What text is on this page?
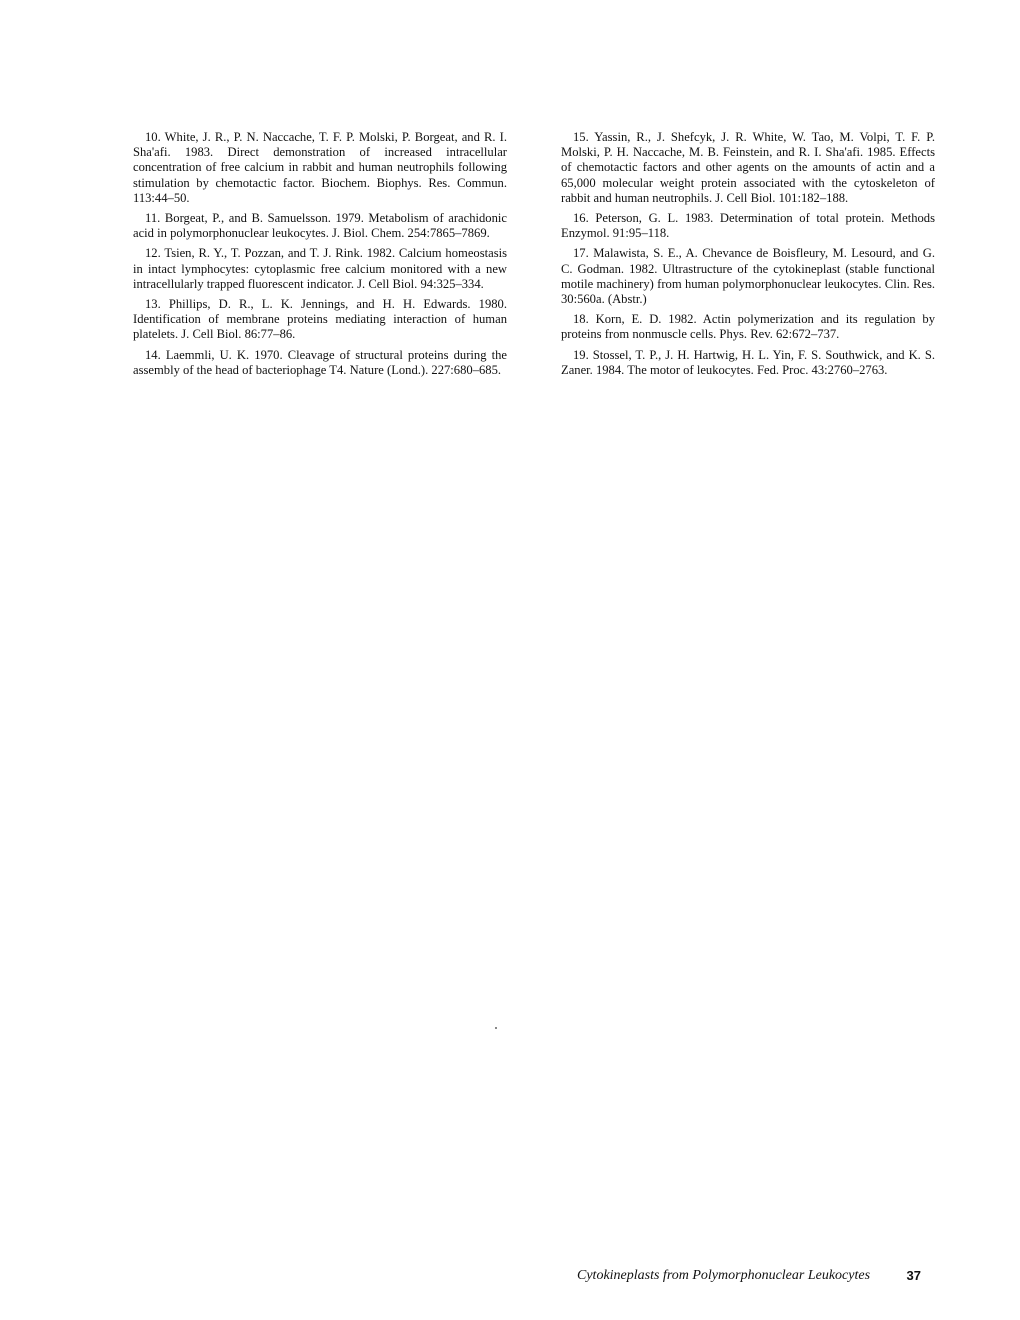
10. White, J. R., P. N. Naccache, T. F. P. Molski, P. Borgeat, and R. I. Sha'afi. 1983. Direct demonstration of increased intracellular concentration of free calcium in rabbit and human neutrophils following stimulation by chemotactic factor. Biochem. Biophys. Res. Commun. 113:44–50.

11. Borgeat, P., and B. Samuelsson. 1979. Metabolism of arachidonic acid in polymorphonuclear leukocytes. J. Biol. Chem. 254:7865–7869.

12. Tsien, R. Y., T. Pozzan, and T. J. Rink. 1982. Calcium homeostasis in intact lymphocytes: cytoplasmic free calcium monitored with a new intracellularly trapped fluorescent indicator. J. Cell Biol. 94:325–334.

13. Phillips, D. R., L. K. Jennings, and H. H. Edwards. 1980. Identification of membrane proteins mediating interaction of human platelets. J. Cell Biol. 86:77–86.

14. Laemmli, U. K. 1970. Cleavage of structural proteins during the assembly of the head of bacteriophage T4. Nature (Lond.). 227:680–685.

15. Yassin, R., J. Shefcyk, J. R. White, W. Tao, M. Volpi, T. F. P. Molski, P. H. Naccache, M. B. Feinstein, and R. I. Sha'afi. 1985. Effects of chemotactic factors and other agents on the amounts of actin and a 65,000 molecular weight protein associated with the cytoskeleton of rabbit and human neutrophils. J. Cell Biol. 101:182–188.

16. Peterson, G. L. 1983. Determination of total protein. Methods Enzymol. 91:95–118.

17. Malawista, S. E., A. Chevance de Boisfleury, M. Lesourd, and G. C. Godman. 1982. Ultrastructure of the cytokineplast (stable functional motile machinery) from human polymorphonuclear leukocytes. Clin. Res. 30:560a. (Abstr.)

18. Korn, E. D. 1982. Actin polymerization and its regulation by proteins from nonmuscle cells. Phys. Rev. 62:672–737.

19. Stossel, T. P., J. H. Hartwig, H. L. Yin, F. S. Southwick, and K. S. Zaner. 1984. The motor of leukocytes. Fed. Proc. 43:2760–2763.

Cytokineplasts from Polymorphonuclear Leukocytes	37
